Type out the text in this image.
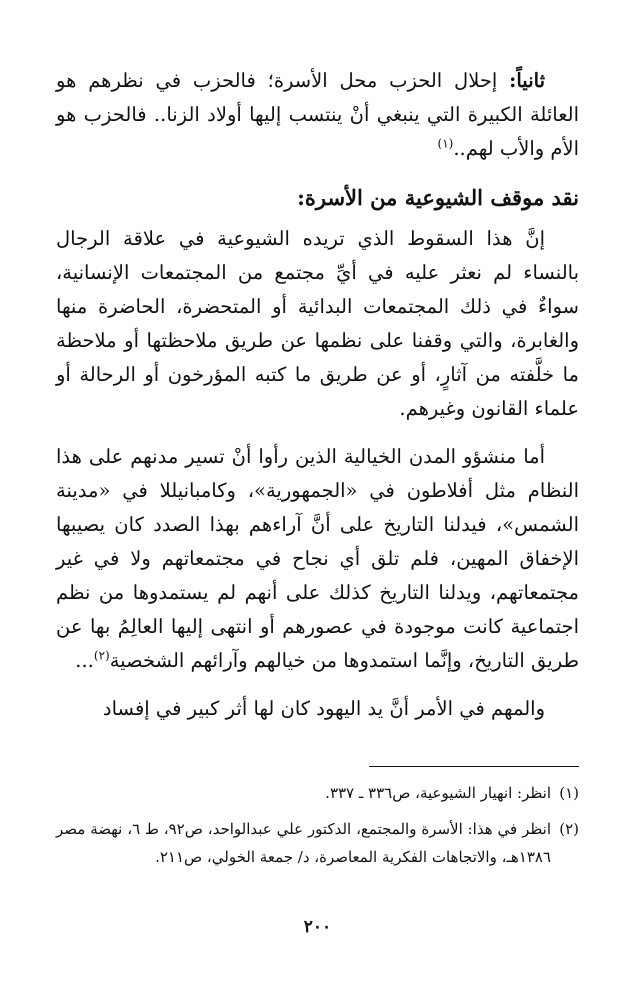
ثانياً: إحلال الحزب محل الأسرة؛ فالحزب في نظرهم هو العائلة الكبيرة التي ينبغي أنْ ينتسب إليها أولاد الزنا.. فالحزب هو الأم والأب لهم..$^{(١)}$

نقد موقف الشيوعية من الأسرة:

إنَّ هذا السقوط الذي تريده الشيوعية في علاقة الرجال بالنساء لم نعثر عليه في أيِّ مجتمع من المجتمعات الإنسانية، سواءٌ في ذلك المجتمعات البدائية أو المتحضرة، الحاضرة منها والغابرة، والتي وقفنا على نظمها عن طريق ملاحظتها أو ملاحظة ما خلَّفته من آثارٍ، أو عن طريق ما كتبه المؤرخون أو الرحالة أو علماء القانون وغيرهم.

أما منشؤو المدن الخيالية الذين رأوا أنْ تسير مدنهم على هذا النظام مثل أفلاطون في «الجمهورية»، وكامبانيللا في «مدينة الشمس»، فيدلنا التاريخ على أنَّ آراءهم بهذا الصدد كان يصيبها الإخفاق المهين، فلم تلق أي نجاح في مجتمعاتهم ولا في غير مجتمعاتهم، ويدلنا التاريخ كذلك على أنهم لم يستمدوها من نظم اجتماعية كانت موجودة في عصورهم أو انتهى إليها العالِمُ بها عن طريق التاريخ، وإنَّما استمدوها من خيالهم وآرائهم الشخصية$^{(٢)}$...

والمهم في الأمر أنَّ يد اليهود كان لها أثر كبير في إفساد

(١)
انظر: انهيار الشيوعية، ص٣٣٦ ـ ٣٣٧.
(٢)
انظر في هذا: الأسرة والمجتمع، الدكتور علي عبدالواحد، ص٩٢، ط ٦، نهضة مصر ١٣٨٦هـ، والاتجاهات الفكرية المعاصرة، د/ جمعة الخولي، ص٢١١.
٢٠٠
